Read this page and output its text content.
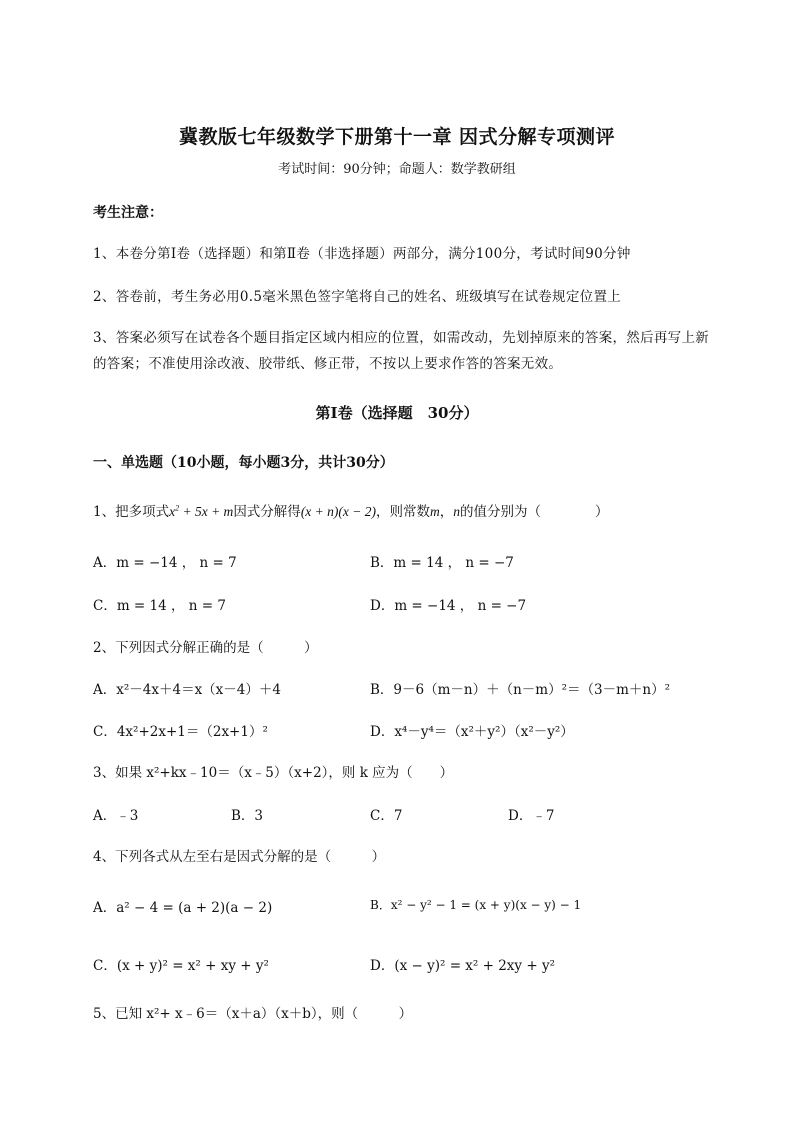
冀教版七年级数学下册第十一章 因式分解专项测评
考试时间：90分钟；命题人：数学教研组
考生注意：
1、本卷分第I卷（选择题）和第Ⅱ卷（非选择题）两部分，满分100分，考试时间90分钟
2、答卷前，考生务必用0.5毫米黑色签字笔将自己的姓名、班级填写在试卷规定位置上
3、答案必须写在试卷各个题目指定区域内相应的位置，如需改动，先划掉原来的答案，然后再写上新
的答案；不准使用涂改液、胶带纸、修正带，不按以上要求作答的答案无效。
第I卷（选择题　30分）
一、单选题（10小题，每小题3分，共计30分）
1、把多项式$x^2 + 5x + m$因式分解得(x + n)(x − 2)，则常数m，n的值分别为（　　　　）
A．m = −14 ， n = 7	B．m = 14 ， n = −7
C．m = 14 ， n = 7	D．m = −14 ， n = −7
2、下列因式分解正确的是（　　　）
A．x²－4x＋4＝x（x－4）＋4	B．9－6（m－n）＋（n－m）²＝（3－m＋n）²
C．4x²+2x+1＝（2x+1）²	D．x⁴－y⁴＝（x²＋y²）（x²－y²）
3、如果 x²+kx﹣10＝（x﹣5）（x+2），则 k 应为（　　）
A．﹣3	B．3	C．7	D．﹣7
4、下列各式从左至右是因式分解的是（　　　）
A．a² − 4 = (a + 2)(a − 2)	B．x² − y² − 1 = (x + y)(x − y) − 1
C．(x + y)² = x² + xy + y²	D．(x − y)² = x² + 2xy + y²
5、已知 x²+ x﹣6＝（x＋a）（x＋b），则（　　　）
